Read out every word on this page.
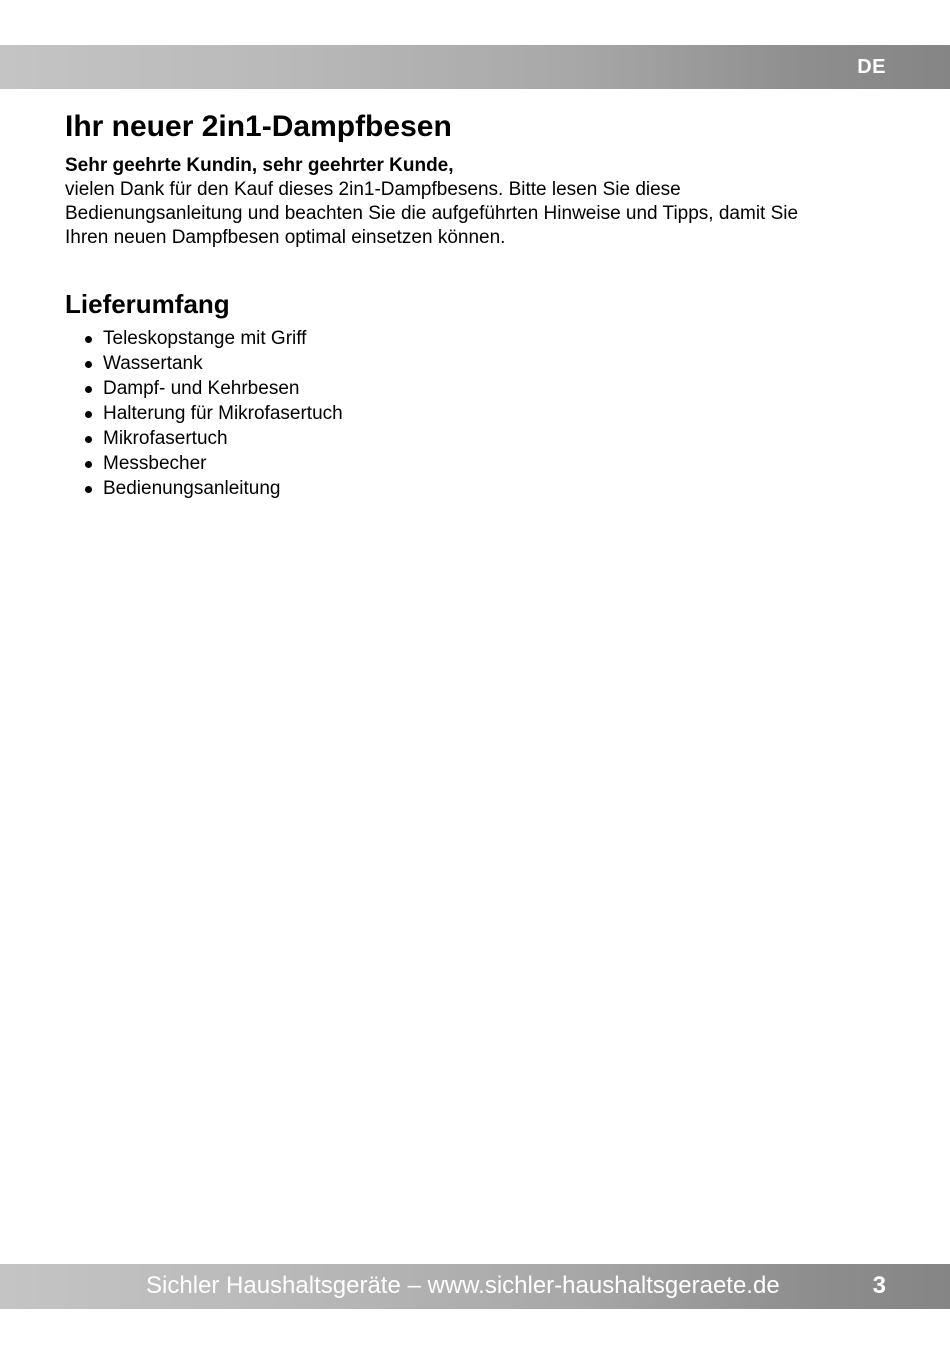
DE
Ihr neuer 2in1-Dampfbesen

Sehr geehrte Kundin, sehr geehrter Kunde,

vielen Dank für den Kauf dieses 2in1-Dampfbesens. Bitte lesen Sie diese
Bedienungsanleitung und beachten Sie die aufgeführten Hinweise und Tipps, damit Sie
Ihren neuen Dampfbesen optimal einsetzen können.

Lieferumfang
Teleskopstange mit Griff
Wassertank
Dampf- und Kehrbesen
Halterung für Mikrofasertuch
Mikrofasertuch
Messbecher
Bedienungsanleitung
Sichler Haushaltsgeräte – www.sichler-haushaltsgeraete.de	3
